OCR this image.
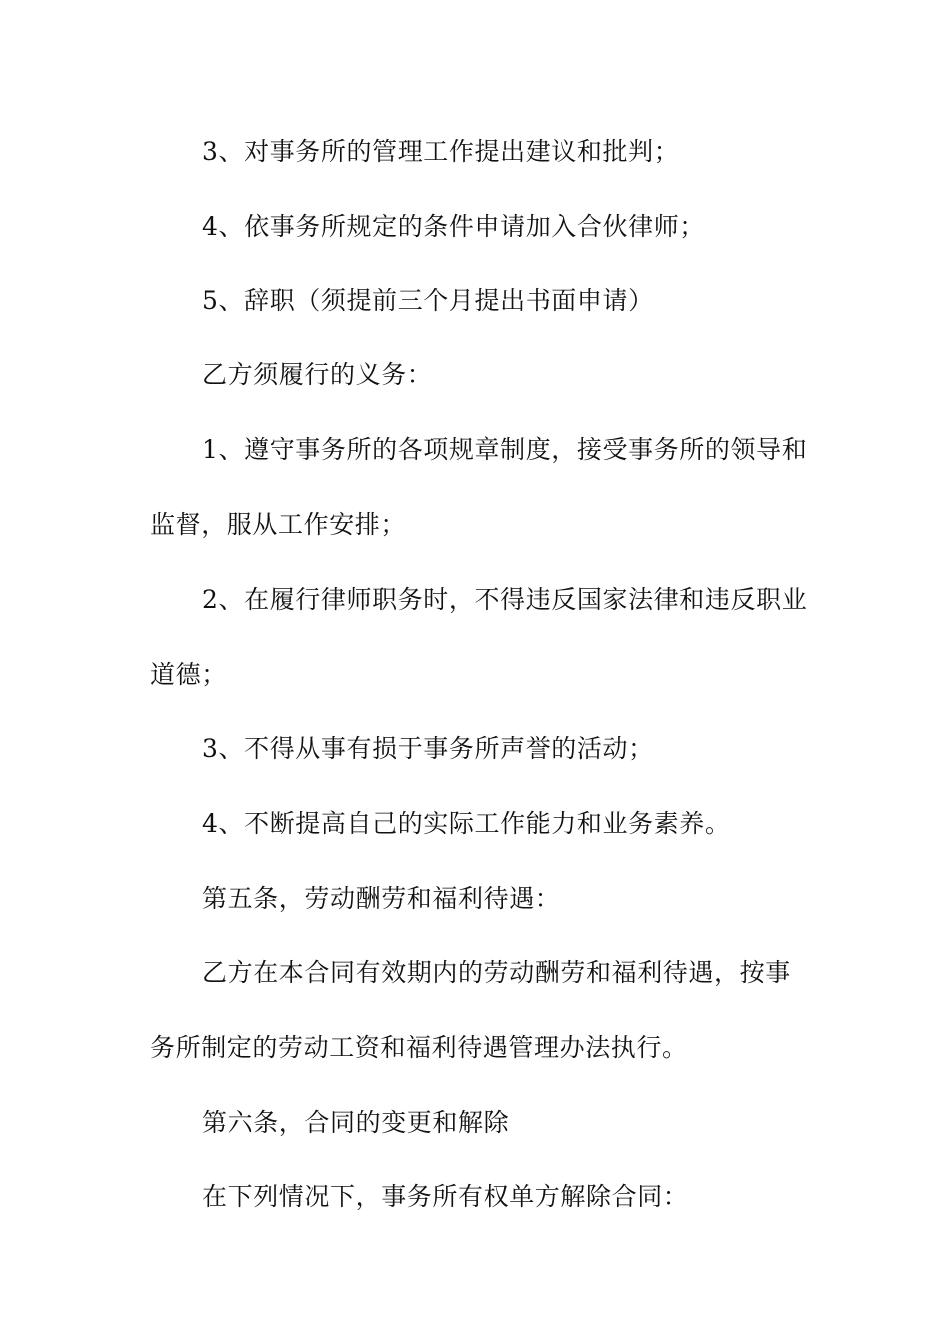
3、对事务所的管理工作提出建议和批判；
4、依事务所规定的条件申请加入合伙律师；
5、辞职（须提前三个月提出书面申请）
乙方须履行的义务：
1、遵守事务所的各项规章制度，接受事务所的领导和
监督，服从工作安排；
2、在履行律师职务时，不得违反国家法律和违反职业
道德；
3、不得从事有损于事务所声誉的活动；
4、不断提高自己的实际工作能力和业务素养。
第五条，劳动酬劳和福利待遇：
乙方在本合同有效期内的劳动酬劳和福利待遇，按事
务所制定的劳动工资和福利待遇管理办法执行。
第六条，合同的变更和解除
在下列情况下，事务所有权单方解除合同：
